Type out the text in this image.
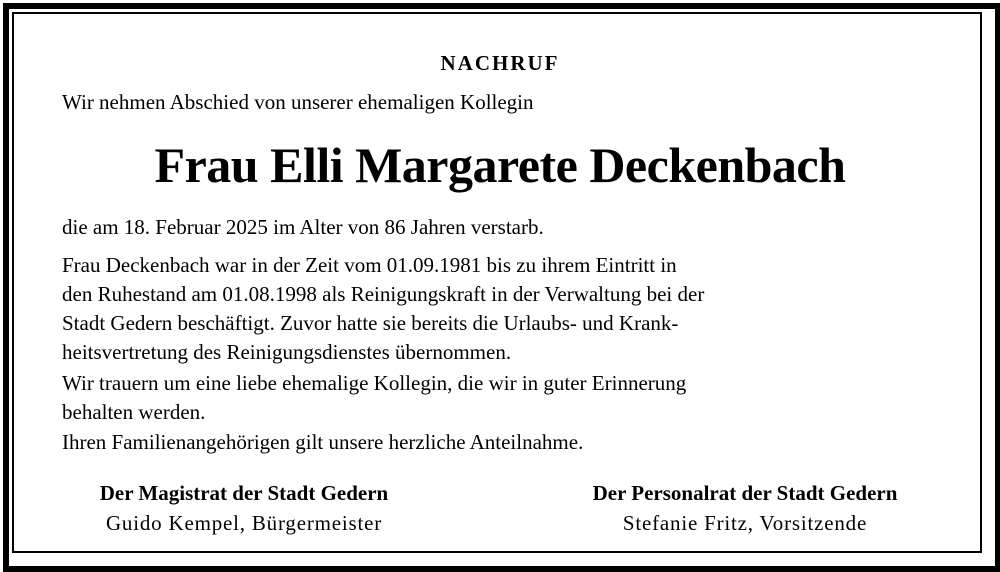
NACHRUF
Wir nehmen Abschied von unserer ehemaligen Kollegin
Frau Elli Margarete Deckenbach
die am 18. Februar 2025 im Alter von 86 Jahren verstarb.
Frau Deckenbach war in der Zeit vom 01.09.1981 bis zu ihrem Eintritt in
den Ruhestand am 01.08.1998 als Reinigungskraft in der Verwaltung bei der
Stadt Gedern beschäftigt. Zuvor hatte sie bereits die Urlaubs- und Krank-
heitsvertretung des Reinigungsdienstes übernommen.
Wir trauern um eine liebe ehemalige Kollegin, die wir in guter Erinnerung
behalten werden.
Ihren Familienangehörigen gilt unsere herzliche Anteilnahme.
Der Magistrat der Stadt Gedern
Guido Kempel, Bürgermeister
Der Personalrat der Stadt Gedern
Stefanie Fritz, Vorsitzende
